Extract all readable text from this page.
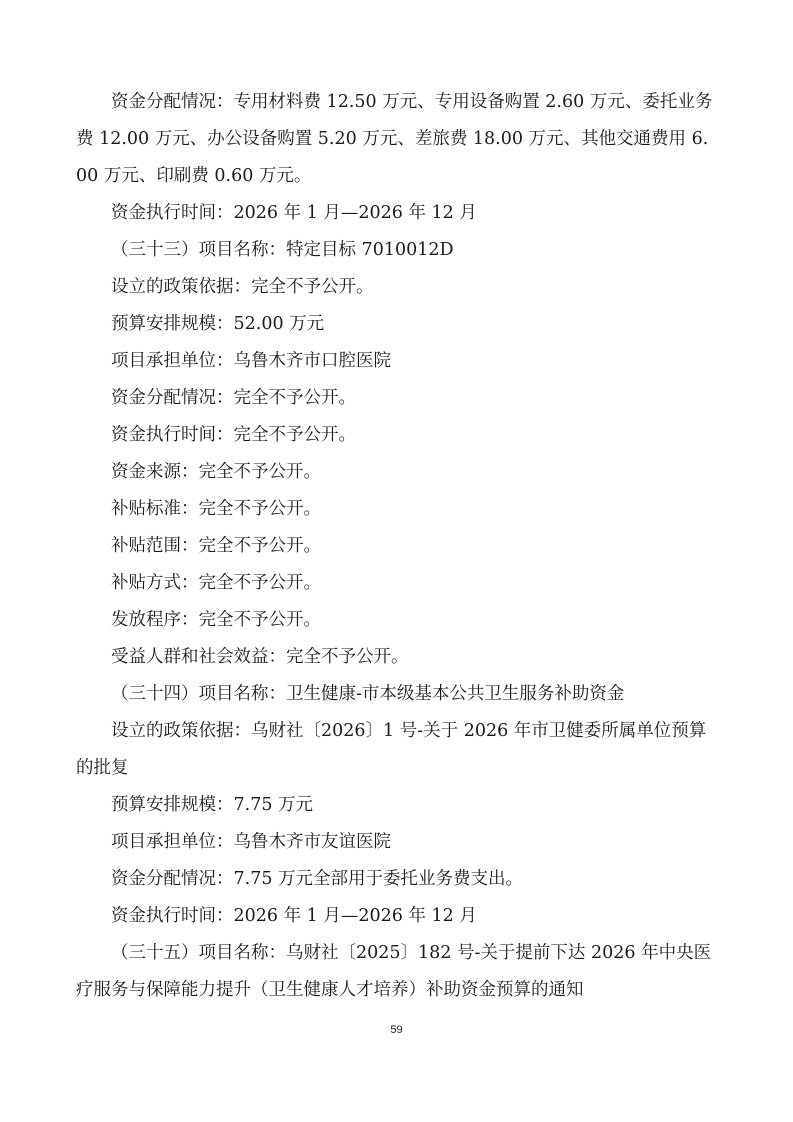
资金分配情况：专用材料费 12.50 万元、专用设备购置 2.60 万元、委托业务费 12.00 万元、办公设备购置 5.20 万元、差旅费 18.00 万元、其他交通费用 6.00 万元、印刷费 0.60 万元。

资金执行时间：2026 年 1 月—2026 年 12 月

（三十三）项目名称：特定目标 7010012D

设立的政策依据：完全不予公开。

预算安排规模：52.00 万元

项目承担单位：乌鲁木齐市口腔医院

资金分配情况：完全不予公开。

资金执行时间：完全不予公开。

资金来源：完全不予公开。

补贴标准：完全不予公开。

补贴范围：完全不予公开。

补贴方式：完全不予公开。

发放程序：完全不予公开。

受益人群和社会效益：完全不予公开。

（三十四）项目名称：卫生健康-市本级基本公共卫生服务补助资金

设立的政策依据：乌财社〔2026〕1 号-关于 2026 年市卫健委所属单位预算的批复

预算安排规模：7.75 万元

项目承担单位：乌鲁木齐市友谊医院

资金分配情况：7.75 万元全部用于委托业务费支出。

资金执行时间：2026 年 1 月—2026 年 12 月

（三十五）项目名称：乌财社〔2025〕182 号-关于提前下达 2026 年中央医疗服务与保障能力提升（卫生健康人才培养）补助资金预算的通知

59
